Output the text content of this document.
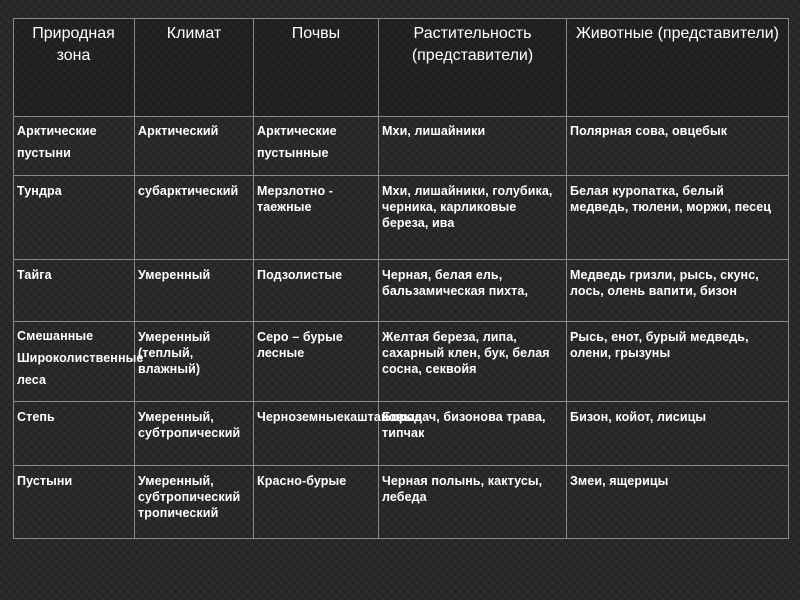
Природная зона	Климат	Почвы	Растительность (представители)	Животные (представители)
Арктические пустыни	Арктический	Арктические пустынные	Мхи, лишайники	Полярная сова, овцебык
Тундра	субарктический	Мерзлотно - таежные	Мхи, лишайники, голубика, черника, карликовые береза, ива	Белая куропатка, белый медведь, тюлени, моржи, песец
Тайга	Умеренный	Подзолистые	Черная, белая ель, бальзамическая пихта,	Медведь гризли, рысь, скунс, лось, олень вапити, бизон
Смешанные Широколиственные леса	Умеренный (теплый, влажный)	Серо – бурые лесные	Желтая береза, липа, сахарный клен, бук, белая сосна, секвойя	Рысь, енот, бурый медведь, олени, грызуны
Степь	Умеренный, субтропический	Черноземныекаштановые	Бородач, бизонова трава, типчак	Бизон, койот, лисицы
Пустыни	Умеренный, субтропический тропический	Красно-бурые	Черная полынь, кактусы, лебеда	Змеи, ящерицы
